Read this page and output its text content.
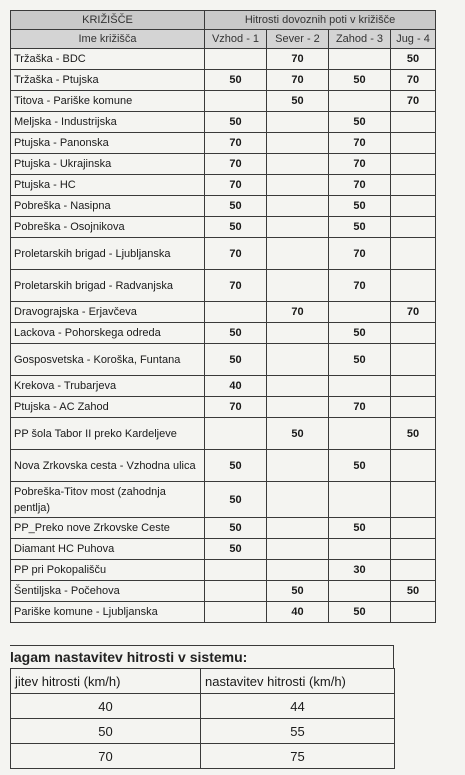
KRIŽIŠČE	Hitrosti dovoznih poti v križišče			
Ime križišča	Vzhod - 1	Sever - 2	Zahod - 3	Jug - 4
Tržaška - BDC		70		50
Tržaška - Ptujska	50	70	50	70
Titova - Pariške komune		50		70
Meljska - Industrijska	50		50	
Ptujska - Panonska	70		70	
Ptujska - Ukrajinska	70		70	
Ptujska - HC	70		70	
Pobreška - Nasipna	50		50	
Pobreška - Osojnikova	50		50	
Proletarskih brigad - Ljubljanska	70		70	
Proletarskih brigad - Radvanjska	70		70	
Dravograjska - Erjavčeva		70		70
Lackova - Pohorskega odreda	50		50	
Gosposvetska - Koroška, Funtana	50		50	
Krekova - Trubarjeva	40			
Ptujska - AC Zahod	70		70	
PP šola Tabor II preko Kardeljeve		50		50
Nova Zrkovska cesta - Vzhodna ulica	50		50	
Pobreška-Titov most (zahodnja pentlja)	50			
PP_Preko nove Zrkovske Ceste	50		50	
Diamant HC Puhova	50			
PP pri Pokopališču			30	
Šentiljska - Počehova		50		50
Pariške komune - Ljubljanska		40	50	
lagam nastavitev hitrosti v sistemu:
jitev hitrosti (km/h)	nastavitev hitrosti (km/h)
40	44
50	55
70	75
